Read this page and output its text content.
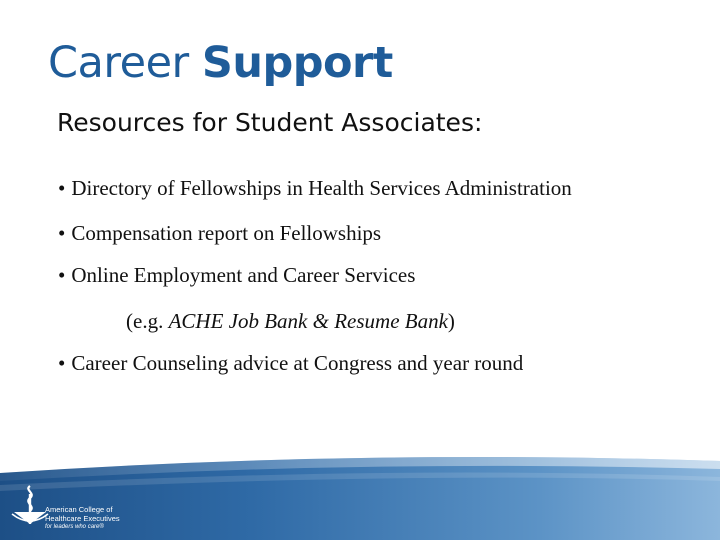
Career Support
Resources for Student Associates:
• Directory of Fellowships in Health Services Administration
• Compensation report on Fellowships
• Online Employment and Career Services
(e.g. ACHE Job Bank & Resume Bank)
• Career Counseling advice at Congress and year round
American College of
Healthcare Executives
for leaders who care®
